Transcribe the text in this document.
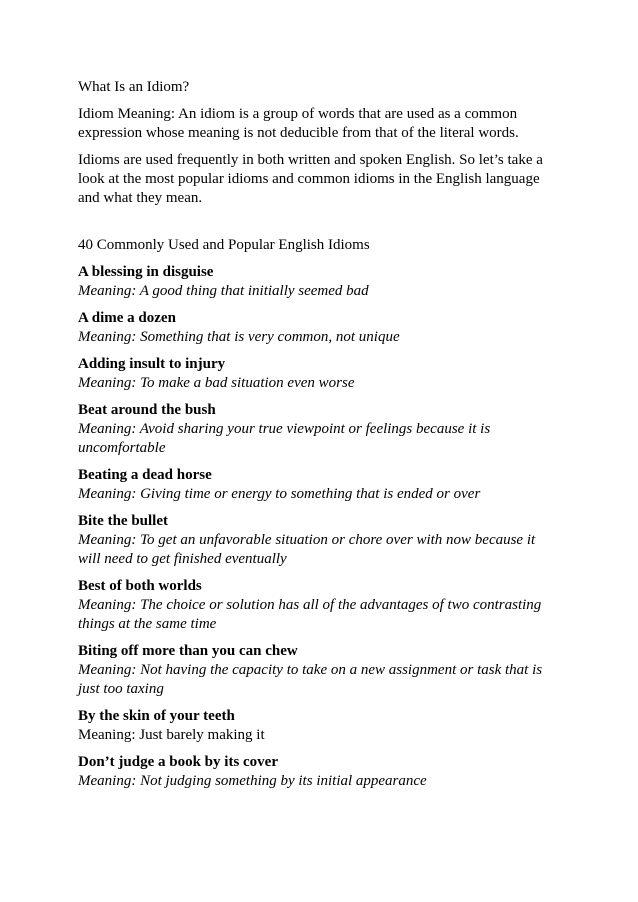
What Is an Idiom?

Idiom Meaning: An idiom is a group of words that are used as a common expression whose meaning is not deducible from that of the literal words.

Idioms are used frequently in both written and spoken English. So let’s take a look at the most popular idioms and common idioms in the English language and what they mean.

40 Commonly Used and Popular English Idioms

A blessing in disguise
Meaning: A good thing that initially seemed bad
A dime a dozen
Meaning: Something that is very common, not unique
Adding insult to injury
Meaning: To make a bad situation even worse
Beat around the bush
Meaning: Avoid sharing your true viewpoint or feelings because it is uncomfortable
Beating a dead horse
Meaning: Giving time or energy to something that is ended or over
Bite the bullet
Meaning: To get an unfavorable situation or chore over with now because it will need to get finished eventually
Best of both worlds
Meaning: The choice or solution has all of the advantages of two contrasting things at the same time
Biting off more than you can chew
Meaning: Not having the capacity to take on a new assignment or task that is just too taxing
By the skin of your teeth
Meaning: Just barely making it
Don’t judge a book by its cover
Meaning: Not judging something by its initial appearance
